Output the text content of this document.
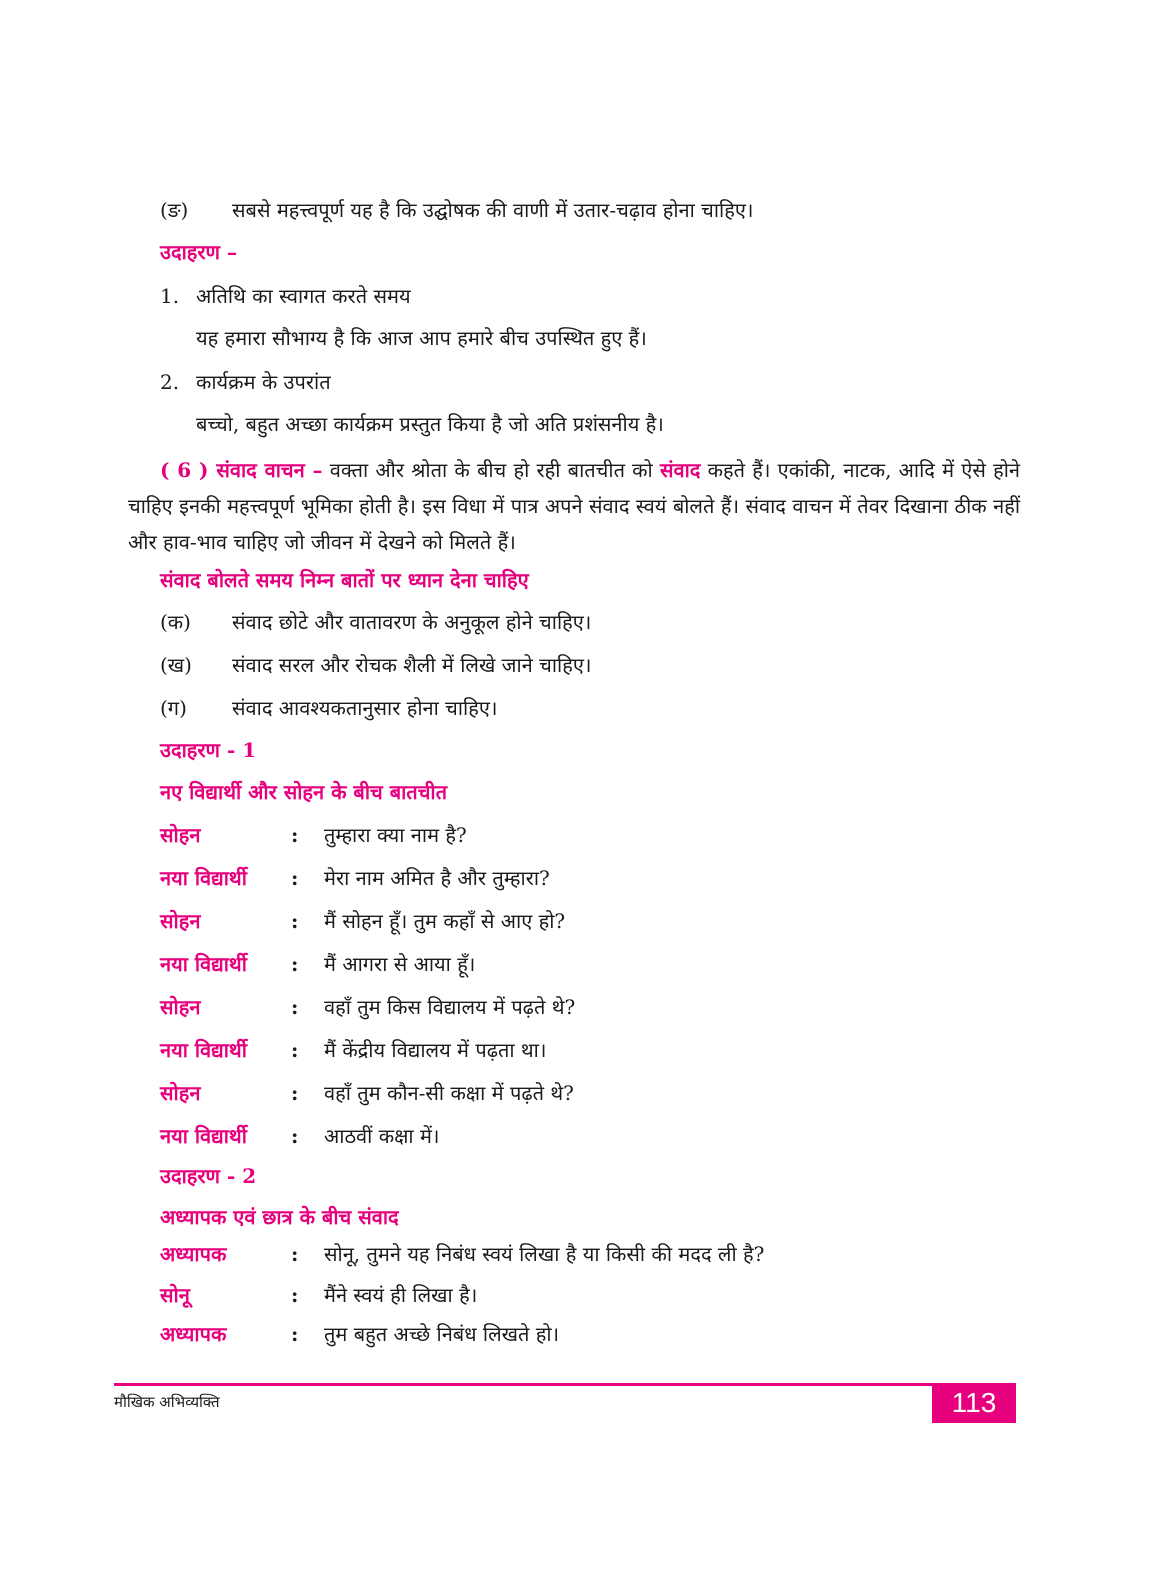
(ङ) सबसे महत्त्वपूर्ण यह है कि उद्घोषक की वाणी में उतार-चढ़ाव होना चाहिए।
उदाहरण –
1. अतिथि का स्वागत करते समय
यह हमारा सौभाग्य है कि आज आप हमारे बीच उपस्थित हुए हैं।
2. कार्यक्रम के उपरांत
बच्चो, बहुत अच्छा कार्यक्रम प्रस्तुत किया है जो अति प्रशंसनीय है।
( 6 ) संवाद वाचन – वक्ता और श्रोता के बीच हो रही बातचीत को संवाद कहते हैं। एकांकी, नाटक, आदि में ऐसे होने चाहिए इनकी महत्त्वपूर्ण भूमिका होती है। इस विधा में पात्र अपने संवाद स्वयं बोलते हैं। संवाद वाचन में तेवर दिखाना ठीक नहीं और हाव-भाव चाहिए जो जीवन में देखने को मिलते हैं।
संवाद बोलते समय निम्न बातों पर ध्यान देना चाहिए
(क) संवाद छोटे और वातावरण के अनुकूल होने चाहिए।
(ख) संवाद सरल और रोचक शैली में लिखे जाने चाहिए।
(ग) संवाद आवश्यकतानुसार होना चाहिए।
उदाहरण - 1
नए विद्यार्थी और सोहन के बीच बातचीत
सोहन	: तुम्हारा क्या नाम है?
नया विद्यार्थी : मेरा नाम अमित है और तुम्हारा?
सोहन	: मैं सोहन हूँ। तुम कहाँ से आए हो?
नया विद्यार्थी : मैं आगरा से आया हूँ।
सोहन	: वहाँ तुम किस विद्यालय में पढ़ते थे?
नया विद्यार्थी : मैं केंद्रीय विद्यालय में पढ़ता था।
सोहन	: वहाँ तुम कौन-सी कक्षा में पढ़ते थे?
नया विद्यार्थी : आठवीं कक्षा में।
उदाहरण - 2
अध्यापक एवं छात्र के बीच संवाद
अध्यापक	: सोनू, तुमने यह निबंध स्वयं लिखा है या किसी की मदद ली है?
सोनू	: मैंने स्वयं ही लिखा है।
अध्यापक	: तुम बहुत अच्छे निबंध लिखते हो।
मौखिक अभिव्यक्ति	113
